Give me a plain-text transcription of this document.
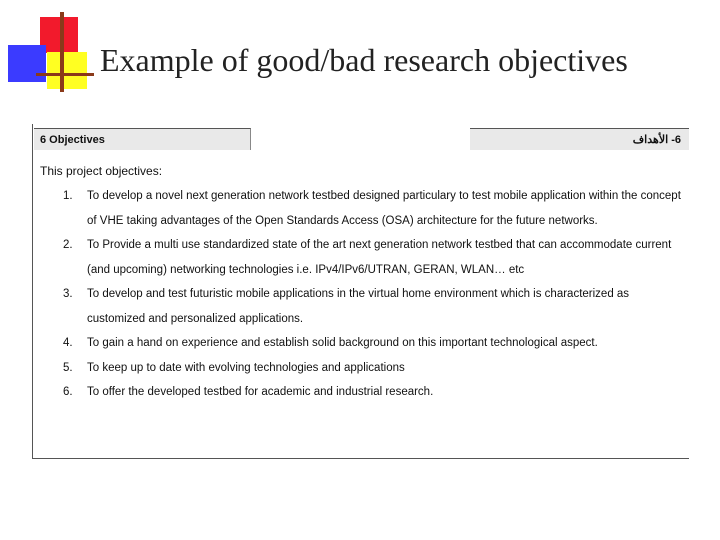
Example of good/bad research objectives
6 Objectives	6- الأهداف
This project objectives:
1.	To develop a novel next generation network testbed designed particulary to test mobile application within the concept of VHE taking advantages of the Open Standards Access (OSA) architecture for the future networks.
2.	To Provide a multi use standardized state of the art next generation network testbed that can accommodate current (and upcoming) networking technologies i.e. IPv4/IPv6/UTRAN, GERAN, WLAN… etc
3.	To develop and test futuristic mobile applications in the virtual home environment which is characterized as customized and personalized applications.
4.	To gain a hand on experience and establish solid background on this important technological aspect.
5.	To keep up to date with evolving technologies and applications
6.	To offer the developed testbed for academic and industrial research.
